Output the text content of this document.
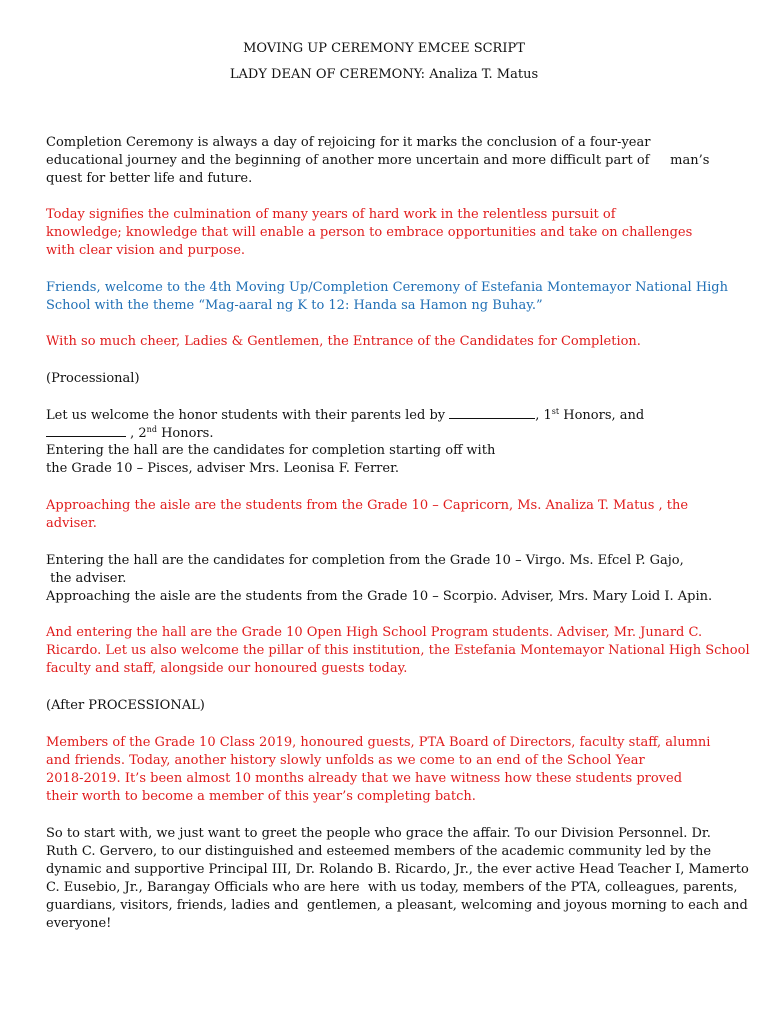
MOVING UP CEREMONY EMCEE SCRIPT
LADY DEAN OF CEREMONY: Analiza T. Matus
Completion Ceremony is always a day of rejoicing for it marks the conclusion of a four-year
educational journey and the beginning of another more uncertain and more difficult part of     man’s
quest for better life and future.
Today signifies the culmination of many years of hard work in the relentless pursuit of
knowledge; knowledge that will enable a person to embrace opportunities and take on challenges
with clear vision and purpose.
Friends, welcome to the 4th Moving Up/Completion Ceremony of Estefania Montemayor National High
School with the theme “Mag-aaral ng K to 12: Handa sa Hamon ng Buhay.”
With so much cheer, Ladies & Gentlemen, the Entrance of the Candidates for Completion.
(Processional)
Let us welcome the honor students with their parents led by	, 1st Honors, and
, 2nd Honors.
Entering the hall are the candidates for completion starting off with
the Grade 10 – Pisces, adviser Mrs. Leonisa F. Ferrer.
Approaching the aisle are the students from the Grade 10 – Capricorn, Ms. Analiza T. Matus , the
adviser.
Entering the hall are the candidates for completion from the Grade 10 – Virgo. Ms. Efcel P. Gajo,
the adviser.
Approaching the aisle are the students from the Grade 10 – Scorpio. Adviser, Mrs. Mary Loid I. Apin.
And entering the hall are the Grade 10 Open High School Program students. Adviser, Mr. Junard C.
Ricardo. Let us also welcome the pillar of this institution, the Estefania Montemayor National High School
faculty and staff, alongside our honoured guests today.
(After PROCESSIONAL)
Members of the Grade 10 Class 2019, honoured guests, PTA Board of Directors, faculty staff, alumni
and friends. Today, another history slowly unfolds as we come to an end of the School Year
2018-2019. It’s been almost 10 months already that we have witness how these students proved
their worth to become a member of this year’s completing batch.
So to start with, we just want to greet the people who grace the affair. To our Division Personnel. Dr.
Ruth C. Gervero, to our distinguished and esteemed members of the academic community led by the
dynamic and supportive Principal III, Dr. Rolando B. Ricardo, Jr., the ever active Head Teacher I, Mamerto
C. Eusebio, Jr., Barangay Officials who are here  with us today, members of the PTA, colleagues, parents,
guardians, visitors, friends, ladies and  gentlemen, a pleasant, welcoming and joyous morning to each and
everyone!
